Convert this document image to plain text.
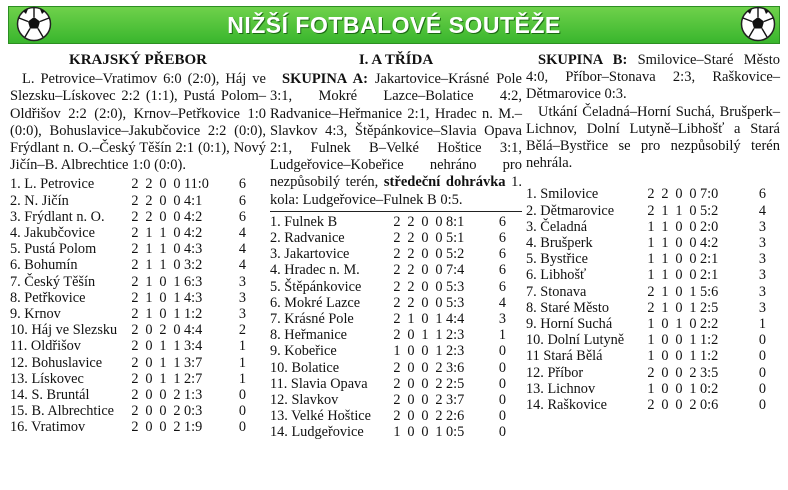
NIŽŠÍ FOTBALOVÉ SOUTĚŽE
KRAJSKÝ PŘEBOR

L. Petrovice–Vratimov 6:0 (2:0), Háj ve Slezsku–Lískovec 2:2 (1:1), Pustá Polom–Oldřišov 2:2 (2:0), Krnov–Petřkovice 1:0 (0:0), Bohuslavice–Jakubčovice 2:2 (0:0), Frýdlant n. O.–Český Těšín 2:1 (0:1), Nový Jičín–B. Albrechtice 1:0 (0:0).

1. L. Petrovice	2	2	0	0	11:0	6
2. N. Jičín	2	2	0	0	4:1	6
3. Frýdlant n. O.	2	2	0	0	4:2	6
4. Jakubčovice	2	1	1	0	4:2	4
5. Pustá Polom	2	1	1	0	4:3	4
6. Bohumín	2	1	1	0	3:2	4
7. Český Těšín	2	1	0	1	6:3	3
8. Petřkovice	2	1	0	1	4:3	3
9. Krnov	2	1	0	1	1:2	3
10. Háj ve Slezsku	2	0	2	0	4:4	2
11. Oldřišov	2	0	1	1	3:4	1
12. Bohuslavice	2	0	1	1	3:7	1
13. Lískovec	2	0	1	1	2:7	1
14. S. Bruntál	2	0	0	2	1:3	0
15. B. Albrechtice	2	0	0	2	0:3	0
16. Vratimov	2	0	0	2	1:9	0
I. A TŘÍDA

SKUPINA A: Jakartovice–Krásné Pole 3:1, Mokré Lazce–Bolatice 4:2, Radvanice–Heřmanice 2:1, Hradec n. M.–Slavkov 4:3, Štěpánkovice–Slavia Opava 2:1, Fulnek B–Velké Hoštice 3:1, Ludgeřovice–Kobeřice nehráno pro nezpůsobilý terén, středeční dohrávka 1. kola: Ludgeřovice–Fulnek B 0:5.

1. Fulnek B	2	2	0	0	8:1	6
2. Radvanice	2	2	0	0	5:1	6
3. Jakartovice	2	2	0	0	5:2	6
4. Hradec n. M.	2	2	0	0	7:4	6
5. Štěpánkovice	2	2	0	0	5:3	6
6. Mokré Lazce	2	2	0	0	5:3	4
7. Krásné Pole	2	1	0	1	4:4	3
8. Heřmanice	2	0	1	1	2:3	1
9. Kobeřice	1	0	0	1	2:3	0
10. Bolatice	2	0	0	2	3:6	0
11. Slavia Opava	2	0	0	2	2:5	0
12. Slavkov	2	0	0	2	3:7	0
13. Velké Hoštice	2	0	0	2	2:6	0
14. Ludgeřovice	1	0	0	1	0:5	0

SKUPINA B: Smilovice–Staré Město 4:0, Příbor–Stonava 2:3, Raškovice–Dětmarovice 0:3.

Utkání Čeladná–Horní Suchá, Brušperk–Lichnov, Dolní Lutyně–Libhošť a Stará Bělá–Bystřice se pro nezpůsobilý terén nehrála.

1. Smilovice	2	2	0	0	7:0	6
2. Dětmarovice	2	1	1	0	5:2	4
3. Čeladná	1	1	0	0	2:0	3
4. Brušperk	1	1	0	0	4:2	3
5. Bystřice	1	1	0	0	2:1	3
6. Libhošť	1	1	0	0	2:1	3
7. Stonava	2	1	0	1	5:6	3
8. Staré Město	2	1	0	1	2:5	3
9. Horní Suchá	1	0	1	0	2:2	1
10. Dolní Lutyně	1	0	0	1	1:2	0
11 Stará Bělá	1	0	0	1	1:2	0
12. Příbor	2	0	0	2	3:5	0
13. Lichnov	1	0	0	1	0:2	0
14. Raškovice	2	0	0	2	0:6	0
